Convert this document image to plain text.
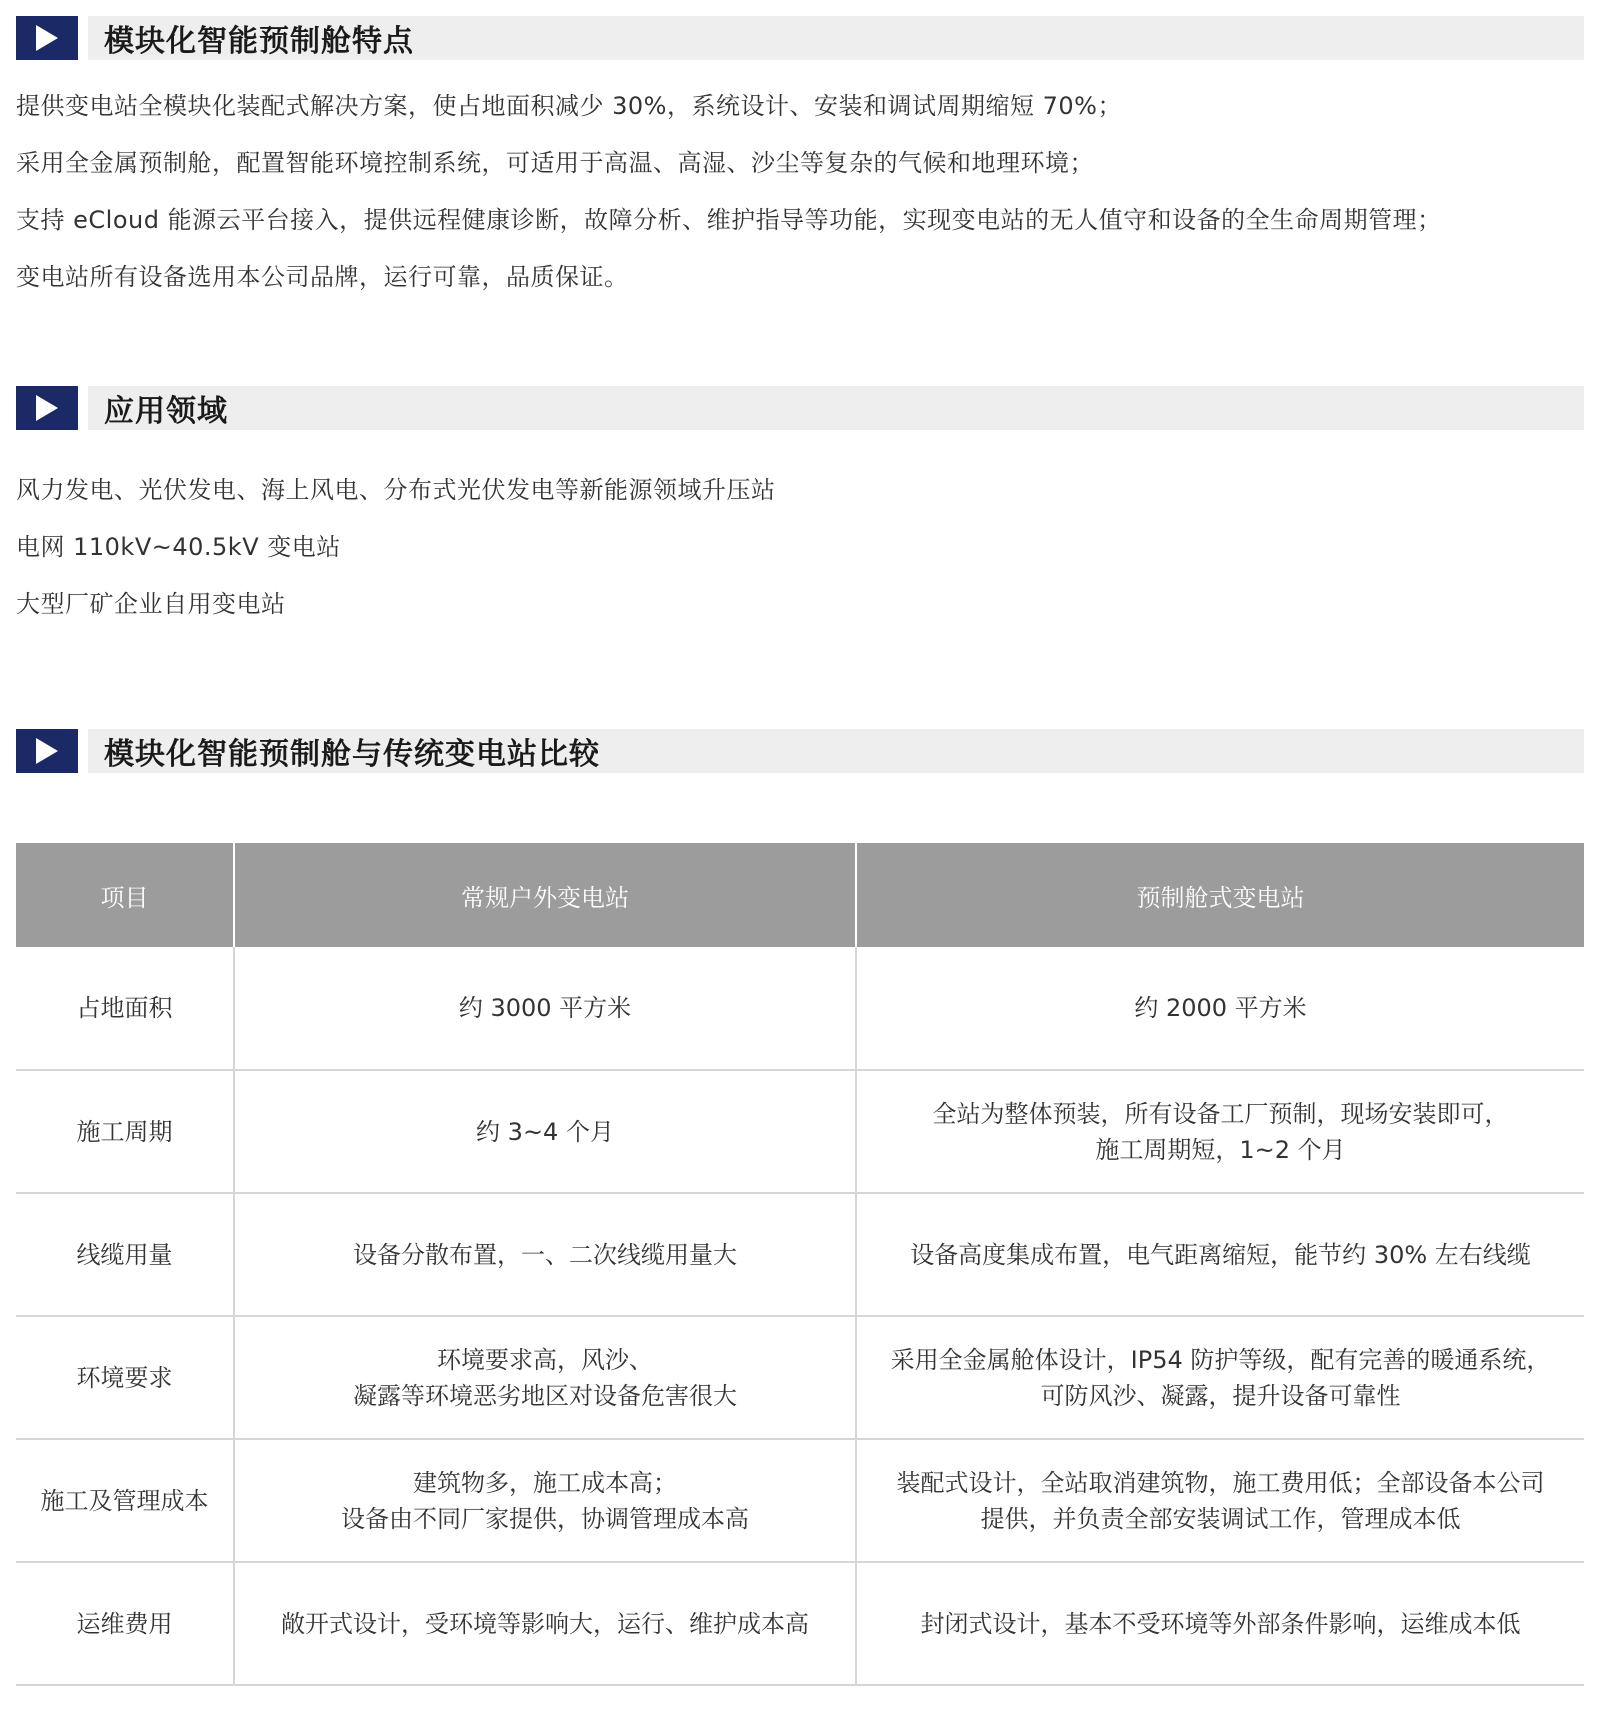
模块化智能预制舱特点

提供变电站全模块化装配式解决方案，使占地面积减少 30%，系统设计、安装和调试周期缩短 70%；

采用全金属预制舱，配置智能环境控制系统，可适用于高温、高湿、沙尘等复杂的气候和地理环境；

支持 eCloud 能源云平台接入，提供远程健康诊断，故障分析、维护指导等功能，实现变电站的无人值守和设备的全生命周期管理；

变电站所有设备选用本公司品牌，运行可靠，品质保证。

应用领域

风力发电、光伏发电、海上风电、分布式光伏发电等新能源领域升压站

电网 110kV~40.5kV 变电站

大型厂矿企业自用变电站

模块化智能预制舱与传统变电站比较
项目	常规户外变电站	预制舱式变电站
占地面积	约 3000 平方米	约 2000 平方米

施工周期	约 3~4 个月	全站为整体预装，所有设备工厂预制，现场安装即可，
施工周期短，1~2 个月

线缆用量	设备分散布置，一、二次线缆用量大	设备高度集成布置，电气距离缩短，能节约 30% 左右线缆

环境要求	环境要求高，风沙、
凝露等环境恶劣地区对设备危害很大	采用全金属舱体设计，IP54 防护等级，配有完善的暖通系统，
可防风沙、凝露，提升设备可靠性

施工及管理成本	建筑物多，施工成本高；
设备由不同厂家提供，协调管理成本高	装配式设计，全站取消建筑物，施工费用低；全部设备本公司
提供，并负责全部安装调试工作，管理成本低

运维费用	敞开式设计，受环境等影响大，运行、维护成本高	封闭式设计，基本不受环境等外部条件影响，运维成本低
